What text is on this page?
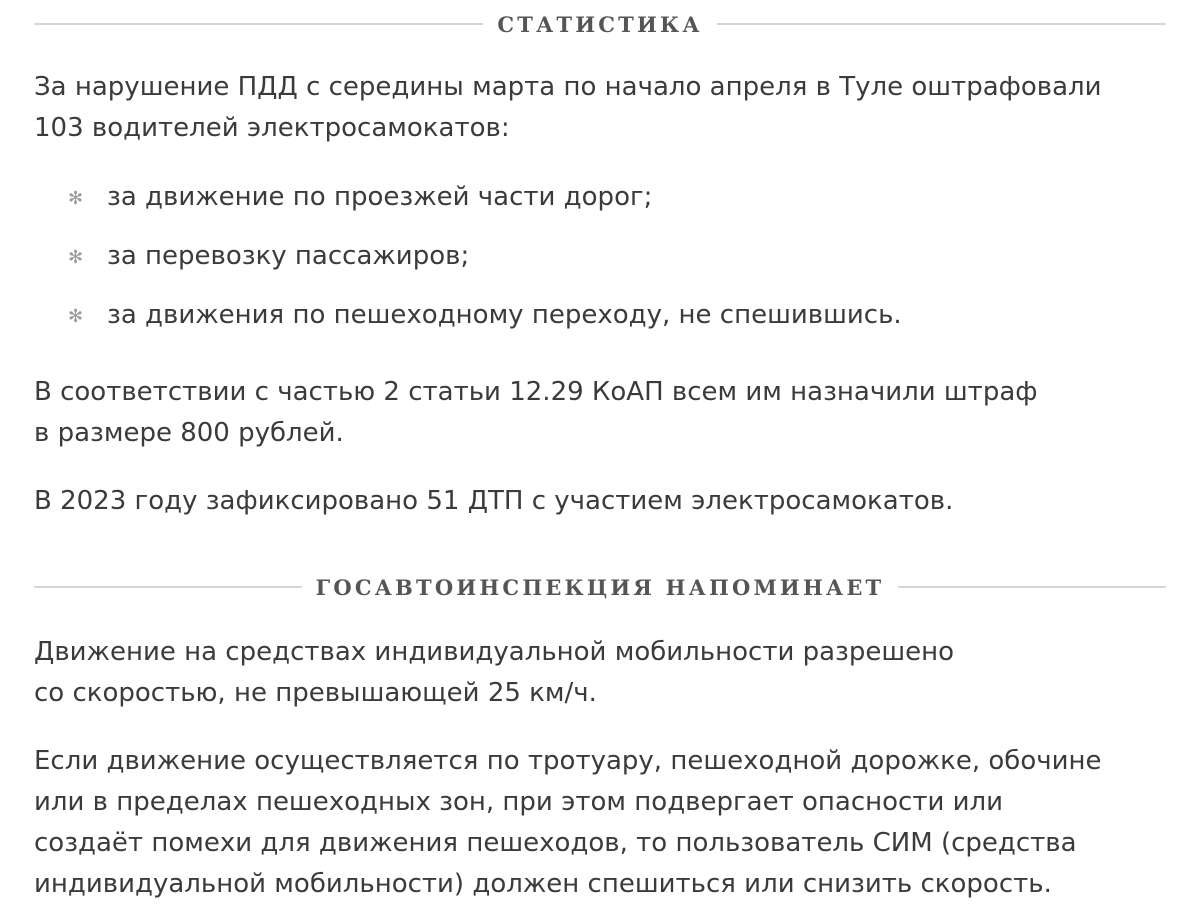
СТАТИСТИКА

За нарушение ПДД с середины марта по начало апреля в Туле оштрафовали
103 водителей электросамокатов:

✻ за движение по проезжей части дорог;
✻ за перевозку пассажиров;
✻ за движения по пешеходному переходу, не спешившись.

В соответствии с частью 2 статьи 12.29 КоАП всем им назначили штраф
в размере 800 рублей.

В 2023 году зафиксировано 51 ДТП с участием электросамокатов.

ГОСАВТОИНСПЕКЦИЯ НАПОМИНАЕТ

Движение на средствах индивидуальной мобильности разрешено
со скоростью, не превышающей 25 км/ч.

Если движение осуществляется по тротуару, пешеходной дорожке, обочине
или в пределах пешеходных зон, при этом подвергает опасности или
создаёт помехи для движения пешеходов, то пользователь СИМ (средства
индивидуальной мобильности) должен спешиться или снизить скорость.
